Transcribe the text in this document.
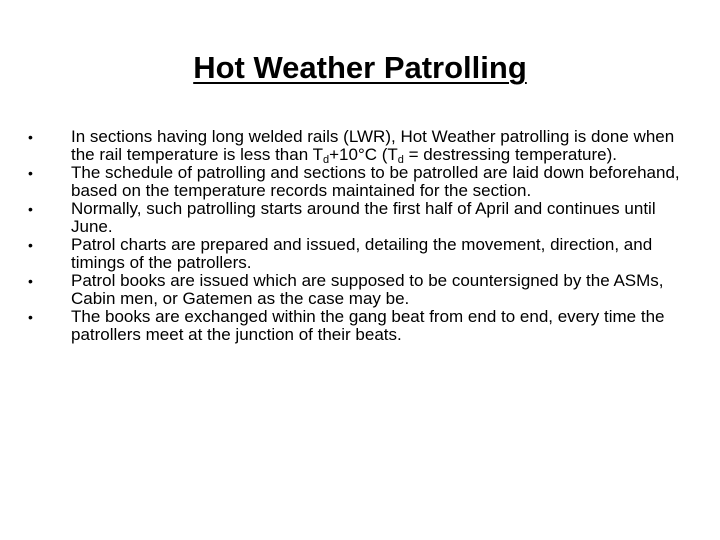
Hot Weather Patrolling
•	In sections having long welded rails (LWR), Hot Weather patrolling is done when the rail temperature is less than $T_d+10^\circ C$ ($T_d$ = destressing temperature).
•	The schedule of patrolling and sections to be patrolled are laid down beforehand, based on the temperature records maintained for the section.
•	Normally, such patrolling starts around the first half of April and continues until June.
•	Patrol charts are prepared and issued, detailing the movement, direction, and timings of the patrollers.
•	Patrol books are issued which are supposed to be countersigned by the ASMs, Cabin men, or Gatemen as the case may be.
•	The books are exchanged within the gang beat from end to end, every time the patrollers meet at the junction of their beats.
